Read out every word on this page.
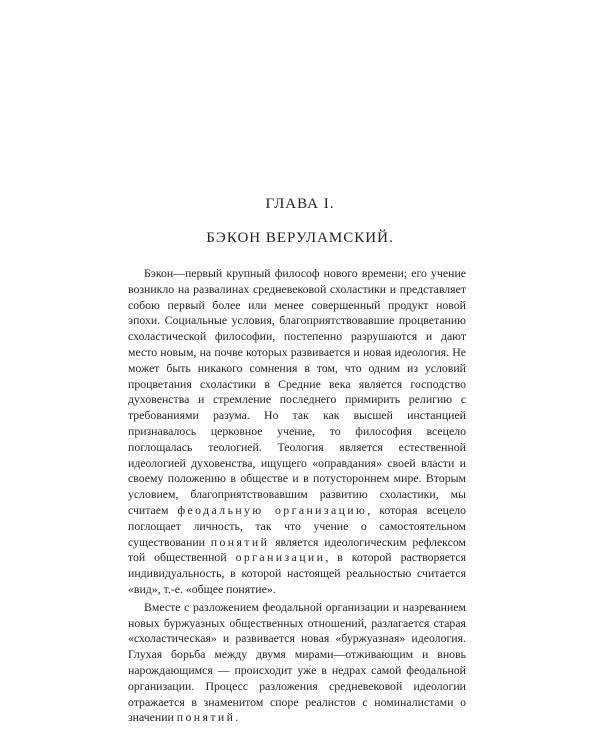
ГЛАВА I.
БЭКОН ВЕРУЛАМСКИЙ.

Бэкон—первый крупный философ нового времени; его учение возникло на развалинах средневековой схоластики и представляет собою первый более или менее совершенный продукт новой эпохи. Социальные условия, благоприятствовавшие процветанию схоластической философии, постепенно разрушаются и дают место новым, на почве которых развивается и новая идеология. Не может быть никакого сомнения в том, что одним из условий процветания схоластики в Средние века является господство духовенства и стремление последнего примирить религию с требованиями разума. Но так как высшей инстанцией признавалось церковное учение, то философия всецело поглощалась теологией. Теология является естественной идеологией духовенства, ищущего «оправдания» своей власти и своему положению в обществе и в потустороннем мире. Вторым условием, благоприятствовавшим развитию схоластики, мы считаем феодальную организацию, которая всецело поглощает личность, так что учение о самостоятельном существовании понятий является идеологическим рефлексом той общественной организации, в которой растворяется индивидуальность, в которой настоящей реальностью считается «вид», т.-е. «общее понятие».

Вместе с разложением феодальной организации и назреванием новых буржуазных общественных отношений, разлагается старая «схоластическая» и развивается новая «буржуазная» идеология. Глухая борьба между двумя мирами—отживающим и вновь нарождающимся — происходит уже в недрах самой феодальной организации. Процесс разложения средневековой идеологии отражается в знаменитом споре реалистов с номиналистами о значении понятий.
